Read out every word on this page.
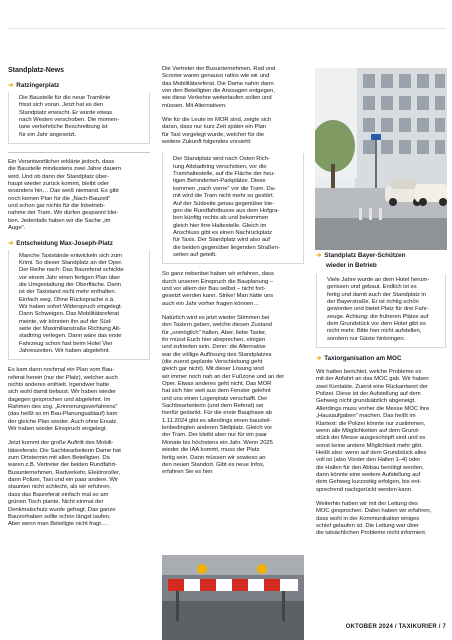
Standplatz-News
➔ Ratzingerplatz
Die Baustelle für die neue Tramlinie
frisst sich voran. Jetzt hat es den
Standplatz erwischt. Er wurde etwas
nach Westen verschoben. Die momen-
tane verkehrliche Beschreibung ist
für ein Jahr angesetzt.
Ein Verantwortlicher erklärte jedoch, dass
die Baustelle mindestens zwei Jahre dauern
wird. Und ob dann der Standplatz über-
haupt wieder zurück kommt, bleibt oder
woanders hin… Das weiß niemand. Es gibt
noch keinen Plan für die „Nach-Bauzeit"
und schon gar nichts für die Inbetrieb-
nahme der Tram. Wir dürfen gespannt blei-
ben. Jedenfalls haben wir die Sache „im
Auge".
➔ Entscheidung Max-Joseph-Platz
Manche Taxistände entwickeln sich zum
Krimi. So dieser Standplatz an der Oper.
Der Reihe nach: Das Baureferat schickte
vor einem Jahr einen fertigen Plan über
die Umgestaltung der Oberfläche. Darin
ist der Taxistand nicht mehr enthalten.
Einfach weg. Ohne Rücksprache o.ä.
Wir haben sofort Widerspruch eingelegt.
Dann Schweigen. Das Mobilitätsreferat
meinte, wir könnten ihn auf der Süd-
seite der Maximilianstraße Richtung Alt-
stadtring verlegen. Dann wäre das erste
Fahrzeug schon fast beim Hotel Vier
Jahreszeiten. Wir haben abgelehnt.
Es kam dann nochmal ein Plan vom Bau-
referat herein (nur der Platz), welcher auch
nichts anderes enthielt. Irgendwer hatte
sich wohl damit befasst. Wir haben wieder
dagegen gesprochen und abgelehnt. Im
Rahmen des sog. „Erinnerungsverfahrens"
(das heißt so im Bau-Planungsablauf) kam
der gleiche Plan wieder. Auch ohne Ersatz.
Wir haben wieder Einspruch eingelegt.
Jetzt kommt der große Auftritt des Mobili-
tätsreferats. Die Sachbearbeiterin Dame hat
zum Ortstermin mit allen Beteiligten. Da
waren z.B. Vertreter der beiden Rundfahrt-
Busunternehmen, Radverkehr, Elektroroller,
dann Polizei, Taxi und ein paar andere. Wir
staunten nicht schlecht, als wir erfuhren,
dass das Baureferat einfach mal so am
grünen Tisch plante. Nicht einmal der
Denkmalschutz wurde gefragt. Das ganze
Bauvorhaben sollte schon längst laufen.
Aber wenn man Beteiligte nicht fragt….
Die Vertreter der Busunternehmen, Rad und
Scooter waren genauso ratlos wie wir und
das Mobilitätsreferat. Die Dame nahm dann
von den Beteiligten die Anssagen entgegen,
wie diese Verkehre weiterlaufen sollen und
müssen. Mit Alternativen.
Wie für die Leute im MOR sind, zeigte sich
daran, dass nur kurz Zeit später ein Plan
für Taxi vorgelegt wurde, welcher für die
weitere Zukunft folgendes vorsieht:
Der Standplatz wird nach Osten Rich-
tung Altstadtring verschoben, vor die
Tramhaltestelle, auf die Fläche der heu-
tigen Behinderten-Parkplätze. Diese
kommen „nach vorne" vor die Tram. Da-
mit wird die Tram nicht mehr so gestört.
Auf der Südseite genau gegenüber bie-
gen die Rundfahrtbusse aus dem Hofgra-
ben künftig rechts ab und bekommen
gleich hier ihre Haltestelle. Gleich im
Anschluss gibt es einen Nachrückplatz
für Taxis. Der Standplatz wird also auf
die beiden gegenüber liegenden Straßen-
seiten auf geteilt.
So ganz nebenbei haben wir erfahren, dass
durch unseren Einspruch die Bauplanung –
und vor allem der Bau selbst – nicht fort-
gesetzt werden kann. Strike! Man hätte uns
auch ein Jahr vorher fragen können…
Natürlich wird es jetzt wieder Stimmen bei
den Taxlern geben, welche diesen Zustand
für „unmöglich" halten. Aber, liebe Taxler,
ihr müsst Euch hier absprechen, einigen
und zufrieden sein. Denn: die Alternative
war die völlige Auflösung des Standplatzes
(die zuerst geplante Verschiebung geht
gleich gar nicht). Mit dieser Lösung sind
wir immer noch nah an der Fußzone und an der
Oper. Etwas anderes geht nicht. Das MOR
hat sich hier weit aus dem Fenster gelehnt
und uns einen Logenplatz verschafft. Der
Sachbearbeiterin (und dem Referat) sei
hierfür gedankt. Für die erste Bauphase ab
1.11.2024 gibt es allerdings einen bausteil-
lenbedingten anderen Stellplatz. Gleich vor
der Tram. Der bleibt aber nur für ein paar
Monate bis höchstens ein Jahr. Wenn 2025
wieder die IAA kommt, muss der Platz
fertig sein. Dann müssen wir sowieso an
den neuen Standort. Gibt es neue Infos,
erfahren Sie es hier.
➔ Standplatz Bayer-Schützen
wieder in Betrieb
Viele Jahre wurde an dem Hotel herum-
gerissen und gebaut. Endlich ist es
fertig und damit auch der Standplatz in
der Bayerstraße. Er ist richtig schön
geworden und bietet Platz für drei Fahr-
zeuge. Achtung: die früheren Plätze auf
dem Grundstück vor dem Hotel gibt es
nicht mehr. Bitte hier nicht aufstellen,
sondern nur Gäste hinbringen.
➔ Taxiorganisation am MOC
Wir hatten berichtet, welche Probleme es
mit der Anfahrt an das MOC gab. Wir haben
zwei Kontakte. Zuerst eine Rückantwort der
Polizei. Diese ist der Aufstellung auf dem
Gehweg nicht grundsätzlich abgeneigt.
Allerdings muss vorher die Messe MOC ihre
„Hausaufgaben" machen. Das heißt im
Klartext: die Polizei könnte nur zustimmen,
wenn alle Möglichkeiten auf dem Grund-
stück der Messe ausgeschöpft sind und es
sonst keine andere Möglichkeit mehr gibt.
Heißt also: wenn auf dem Grundstück alles
voll ist (also Vorder den Hallen 1–4) oder
die Hallen für den Abbau benötigt werden,
dann könnte eine weitere Aufstellung auf
dem Gehweg kurzzeitig erfolgen, bis ent-
sprechend nachgerückt werden kann.
Weiterhin haben wir mit der Leitung des
MOC gesprochen. Dabei haben wir erfahren,
dass wohl in der Kommunikation einiges
schief gelaufen ist. Die Leitung war über
die tatsächlichen Probleme nicht informiert.
OKTOBER 2024 / TAXIKURIER / 7
